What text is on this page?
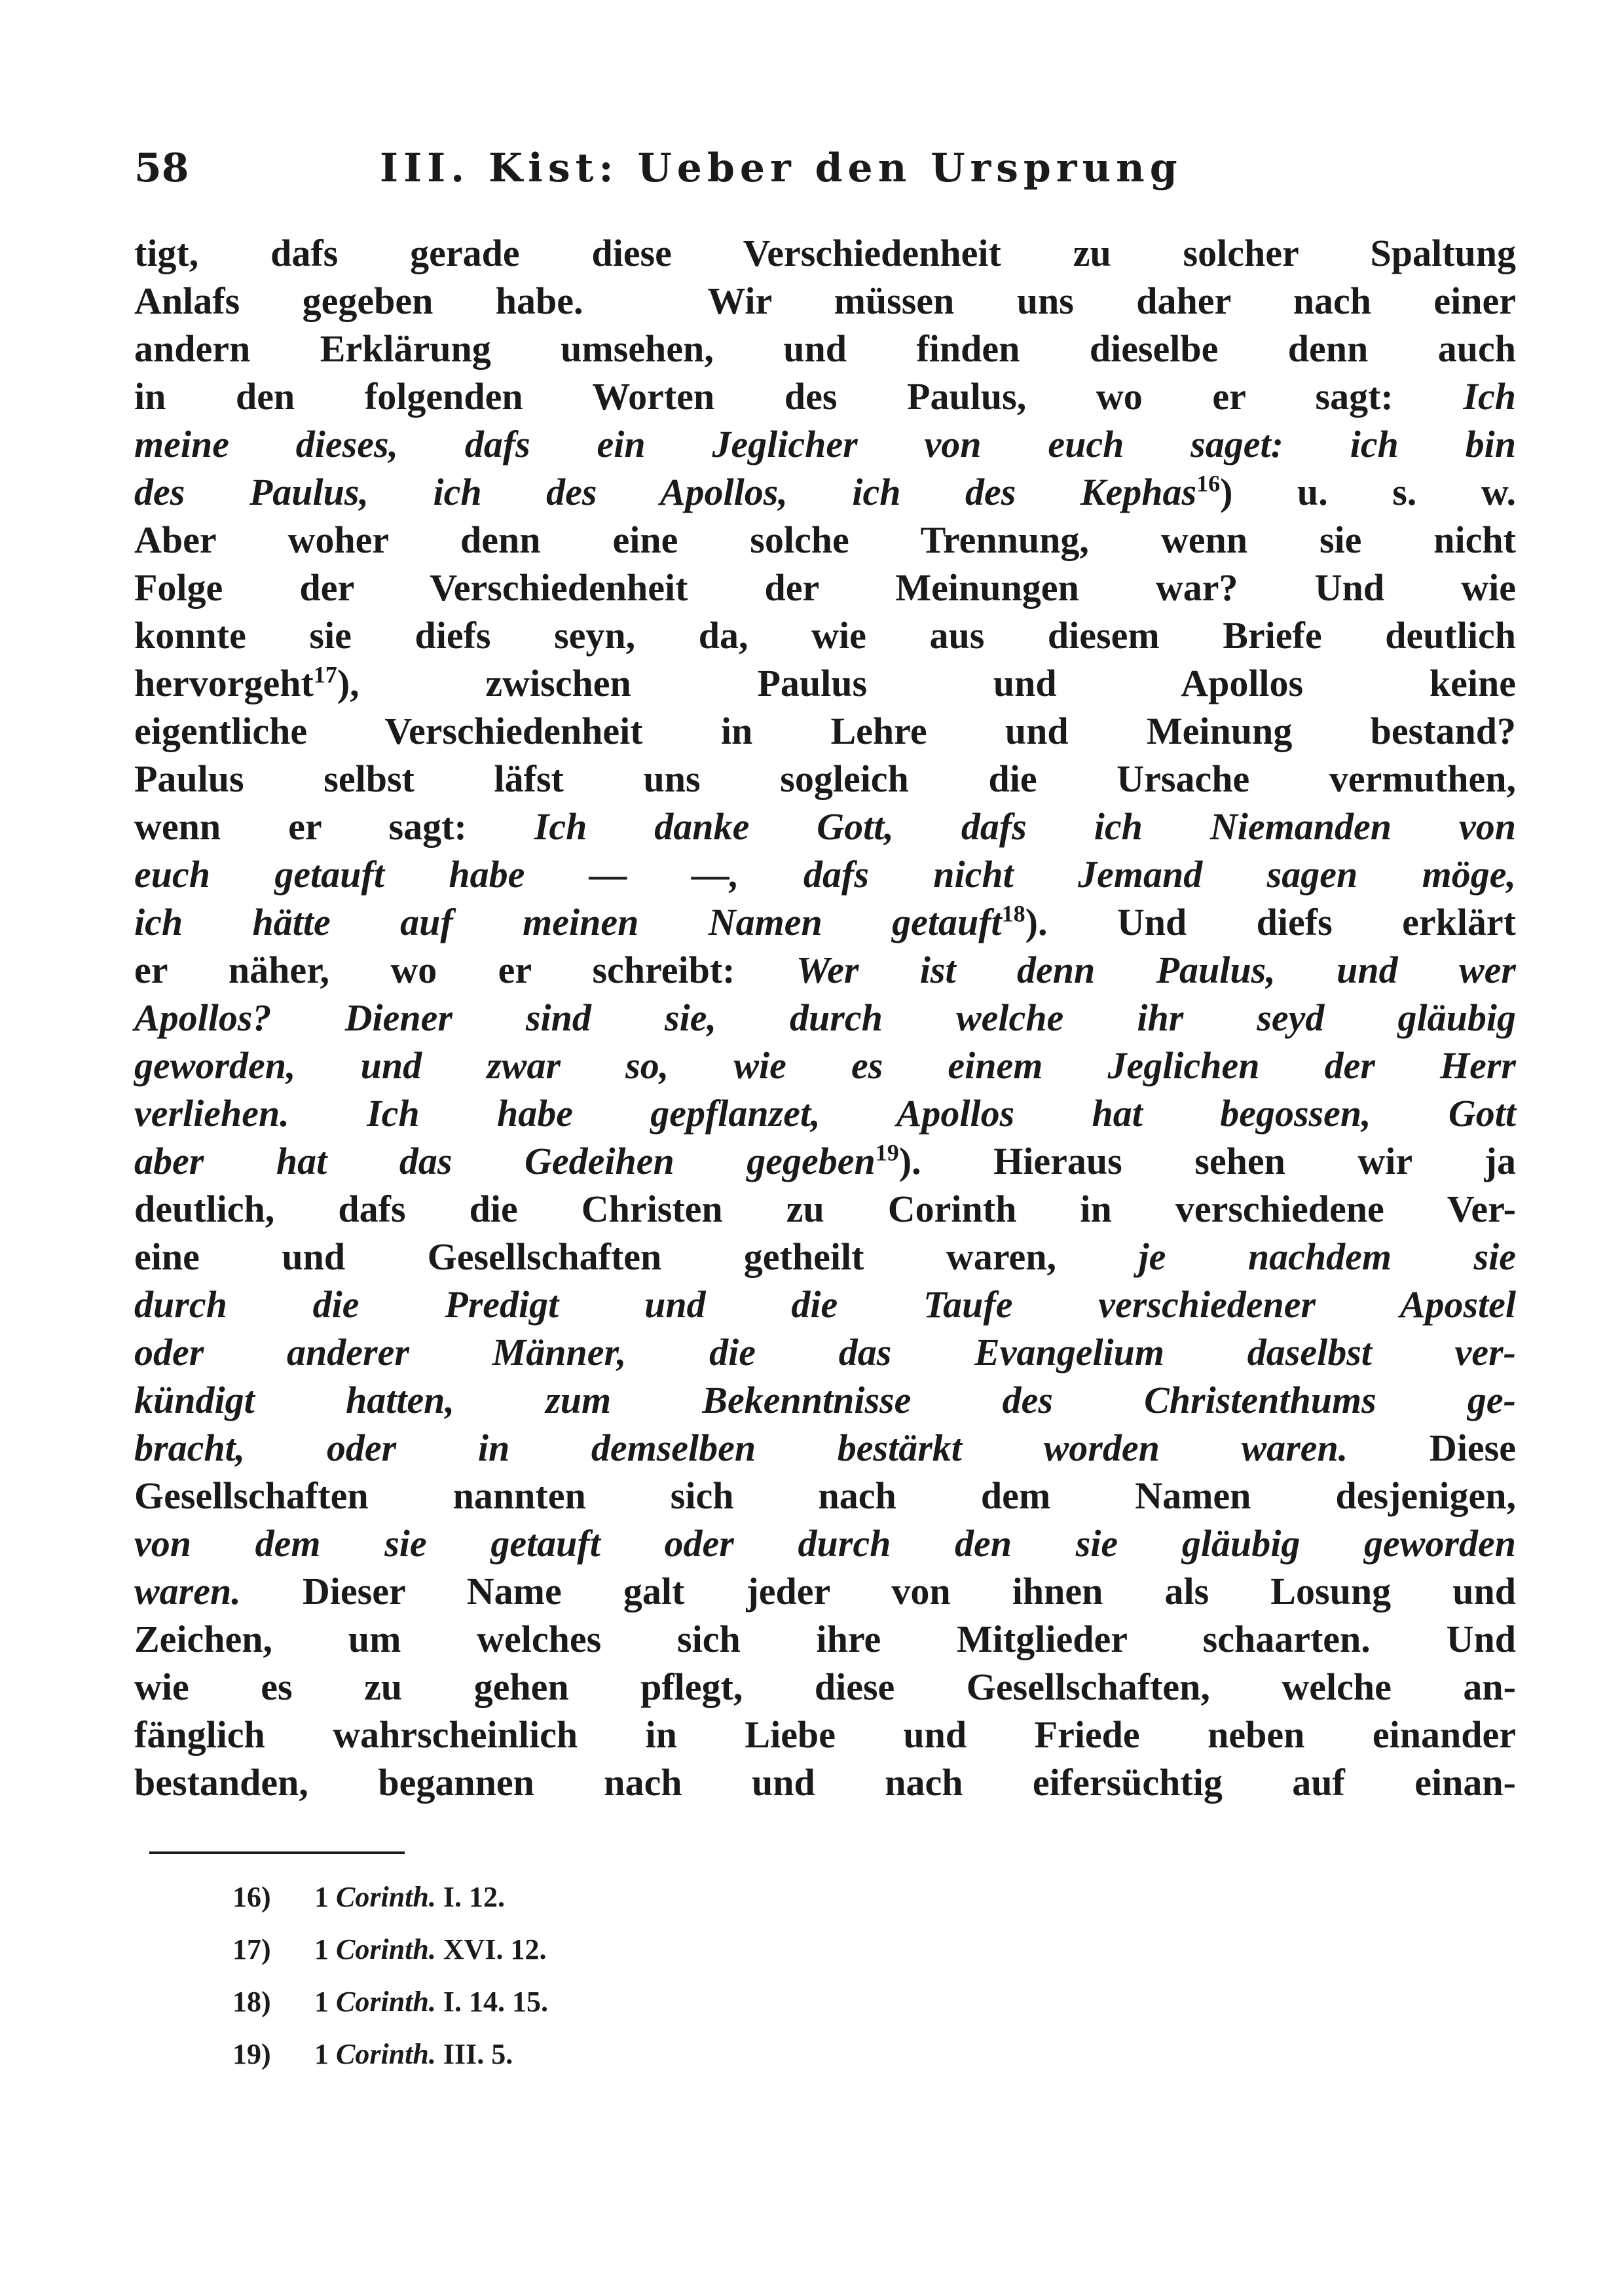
58	III. Kist: Ueber den Ursprung
tigt, dafs gerade diese Verschiedenheit zu solcher Spaltung
Anlafs gegeben habe.  Wir müssen uns daher nach einer
andern Erklärung umsehen, und finden dieselbe denn auch
in den folgenden Worten des Paulus, wo er sagt: Ich
meine dieses, dafs ein Jeglicher von euch saget: ich bin
des Paulus, ich des Apollos, ich des Kephas$^{16}$) u. s. w.
Aber woher denn eine solche Trennung, wenn sie nicht
Folge der Verschiedenheit der Meinungen war? Und wie
konnte sie diefs seyn, da, wie aus diesem Briefe deutlich
hervorgeht$^{17}$), zwischen Paulus und Apollos keine
eigentliche Verschiedenheit in Lehre und Meinung bestand?
Paulus selbst läfst uns sogleich die Ursache vermuthen,
wenn er sagt: Ich danke Gott, dafs ich Niemanden von
euch getauft habe — —, dafs nicht Jemand sagen möge,
ich hätte auf meinen Namen getauft$^{18}$). Und diefs erklärt
er näher, wo er schreibt: Wer ist denn Paulus, und wer
Apollos? Diener sind sie, durch welche ihr seyd gläubig
geworden, und zwar so, wie es einem Jeglichen der Herr
verliehen. Ich habe gepflanzet, Apollos hat begossen, Gott
aber hat das Gedeihen gegeben$^{19}$). Hieraus sehen wir ja
deutlich, dafs die Christen zu Corinth in verschiedene Ver-
eine und Gesellschaften getheilt waren, je nachdem sie
durch die Predigt und die Taufe verschiedener Apostel
oder anderer Männer, die das Evangelium daselbst ver-
kündigt hatten, zum Bekenntnisse des Christenthums ge-
bracht, oder in demselben bestärkt worden waren. Diese
Gesellschaften nannten sich nach dem Namen desjenigen,
von dem sie getauft oder durch den sie gläubig geworden
waren. Dieser Name galt jeder von ihnen als Losung und
Zeichen, um welches sich ihre Mitglieder schaarten. Und
wie es zu gehen pflegt, diese Gesellschaften, welche an-
fänglich wahrscheinlich in Liebe und Friede neben einander
bestanden, begannen nach und nach eifersüchtig auf einan-
16) 1 Corinth. I. 12.
17) 1 Corinth. XVI. 12.
18) 1 Corinth. I. 14. 15.
19) 1 Corinth. III. 5.
